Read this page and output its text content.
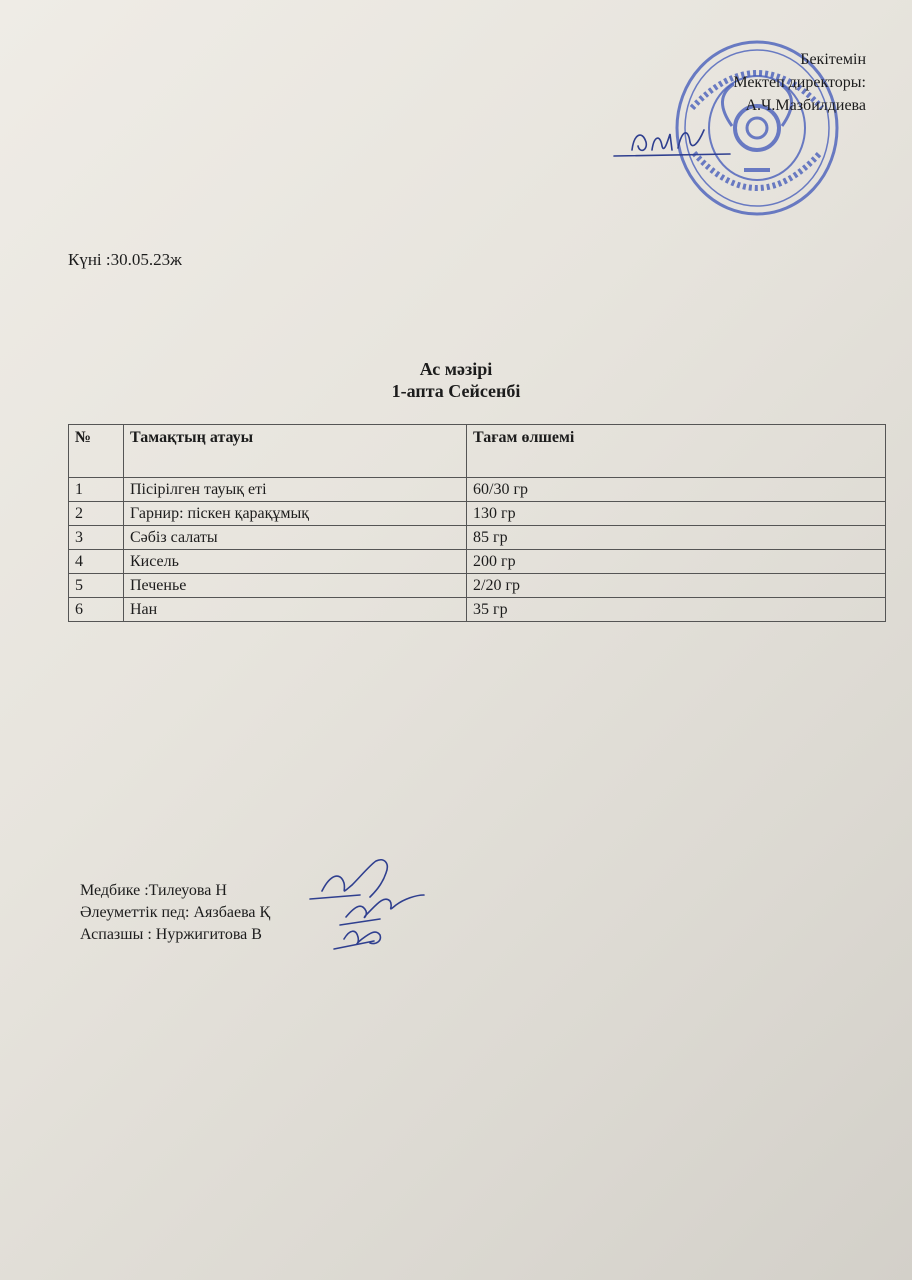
Бекітемін
Мектеп директоры:
А.Ч.Мазбилдиева
Күні :30.05.23ж
Ас мәзірі
1-апта Сейсенбі
№	Тамақтың атауы	Тағам өлшемі
1	Пісірілген тауық еті	60/30 гр
2	Гарнир: піскен қарақұмық	130 гр
3	Сәбіз салаты	85 гр
4	Кисель	200 гр
5	Печенье	2/20 гр
6	Нан	35 гр
Медбике :Тилеуова Н
Әлеуметтік пед: Аязбаева Қ
Аспазшы : Нуржигитова В
